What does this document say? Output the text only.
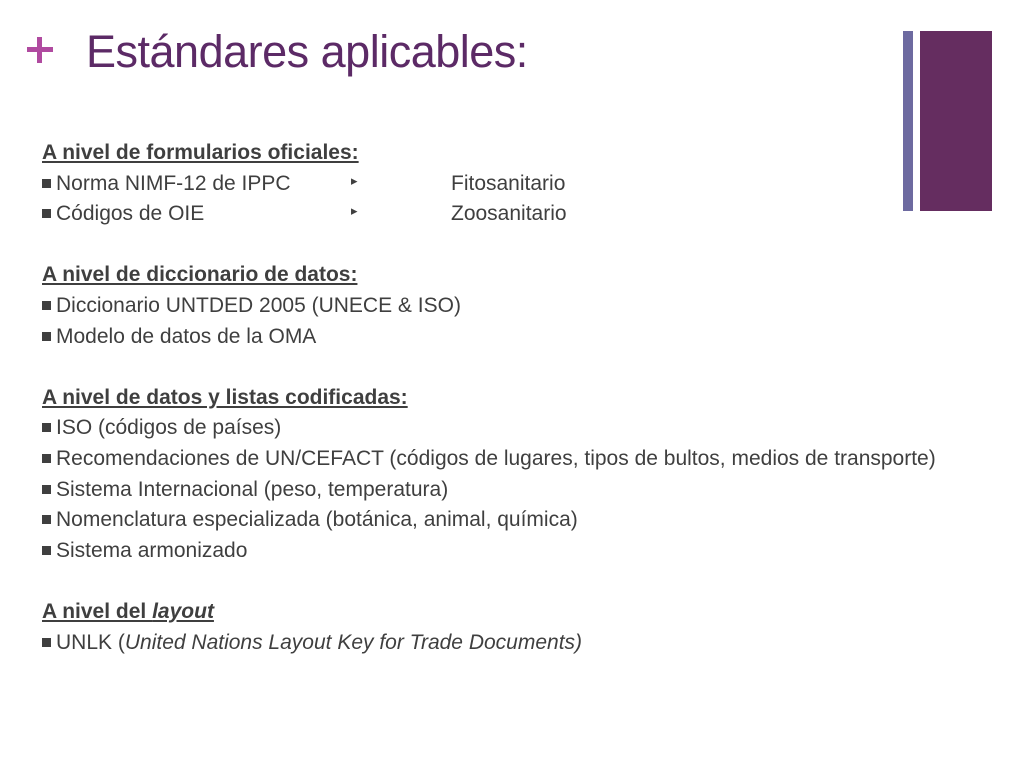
Estándares aplicables:
A nivel de formularios oficiales:
Norma NIMF-12 de IPPC	▸	Fitosanitario
Códigos de OIE	▸	Zoosanitario
A nivel de diccionario de datos:
Diccionario UNTDED 2005 (UNECE & ISO)
Modelo de datos de la OMA
A nivel de datos y listas codificadas:
ISO (códigos de países)
Recomendaciones de UN/CEFACT (códigos de lugares, tipos de bultos, medios de transporte)
Sistema Internacional (peso, temperatura)
Nomenclatura especializada (botánica, animal, química)
Sistema armonizado
A nivel del layout
UNLK (United Nations Layout Key for Trade Documents)
